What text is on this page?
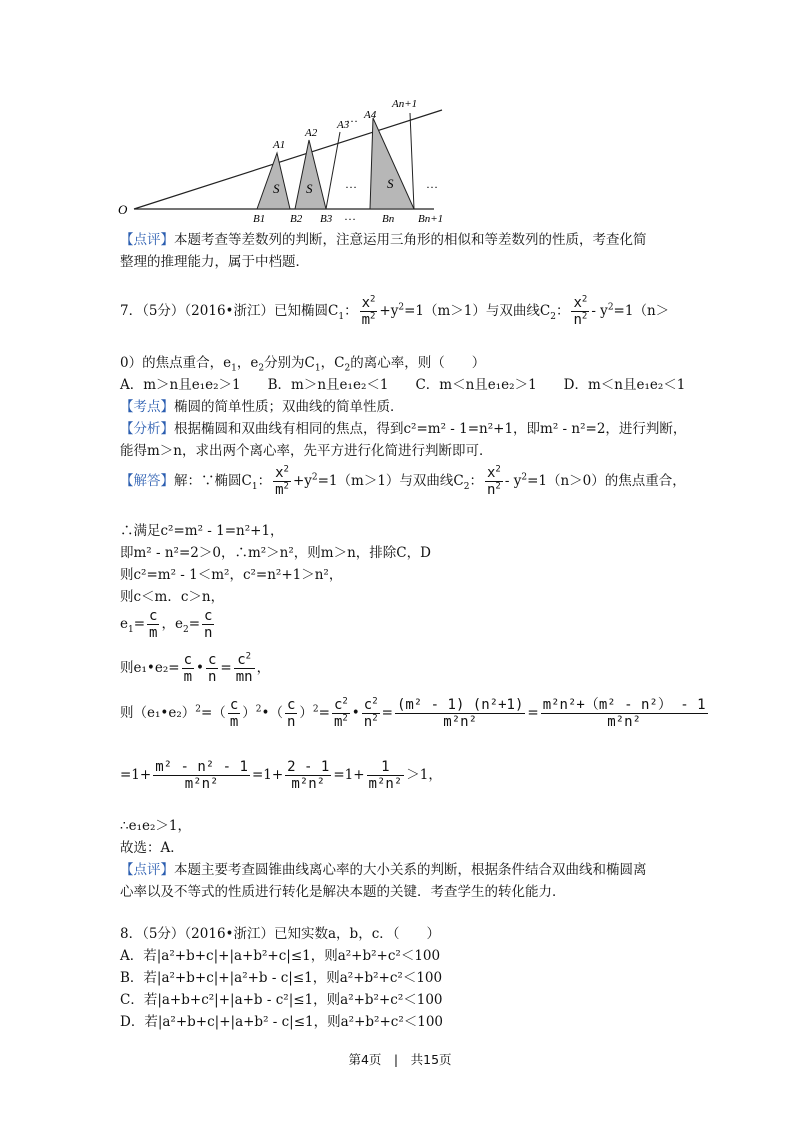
O
A1
A2
A3
A4
An+1
B1 B2 B3	Bn Bn+1
S S	S
…	…
…
…
【点评】本题考查等差数列的判断，注意运用三角形的相似和等差数列的性质，考查化简
整理的推理能力，属于中档题．
7．（5分）（2016•浙江）已知椭圆$C_1$： $\frac{x^2}{m^2} +y^2=1(m>1)$与双曲线$C_2$： $\frac{x^2}{n^2} - y^2=1(n>$
0）的焦点重合，$e_1$，$e_2$分别为$C_1$，$C_2$的离心率，则（　　）
A．m＞n且e₁e₂＞1　　B．m＞n且e₁e₂＜1　　C．m＜n且e₁e₂＞1　　D．m＜n且e₁e₂＜1
【考点】椭圆的简单性质；双曲线的简单性质．
【分析】根据椭圆和双曲线有相同的焦点，得到c²=m² - 1=n²+1，即m² - n²=2，进行判断，
能得m＞n，求出两个离心率，先平方进行化简进行判断即可．
【解答】解：∵椭圆$C_1$： $\frac{x^2}{m^2} +y^2=1(m>1)$与双曲线$C_2$： $\frac{x^2}{n^2} - y^2=1(n>0)$的焦点重合，
∴满足c²=m² - 1=n²+1，
即m² - n²=2＞0，∴m²＞n²，则m＞n，排除C，D
则c²=m² - 1＜m²，c²=n²+1＞n²，
则c＜m．c＞n，
$e_1= \frac{c}{m}$ ，$e_2= \frac{c}{n}$
则e₁•e₂= $\frac{c}{m}$ • $\frac{c}{n} = \frac{c^2}{mn}$ ，
则（e₁•e₂）$^2$=（ $\frac{c}{m}$ ）$^2$•（ $\frac{c}{n} )^2= \frac{c^2}{m^2}$ • $\frac{c^2}{n^2} = \frac{\text{(m² - 1) (n²+1)}}{\text{m²n²}} = \frac{\text{m²n²+（m² - n²） - 1}}{\text{m²n²}}$
$=1+ \frac{\text{m² - n² - 1}}{\text{m²n²}} =1+ \frac{2 - 1}{\text{m²n²}} =1+ \frac{1}{\text{m²n²}} >1$，
∴e₁e₂＞1，
故选：A．
【点评】本题主要考查圆锥曲线离心率的大小关系的判断，根据条件结合双曲线和椭圆离
心率以及不等式的性质进行转化是解决本题的关键．考查学生的转化能力．
8．（5分）（2016•浙江）已知实数a，b，c．（　　）
A．若|a²+b+c|+|a+b²+c|≤1，则a²+b²+c²＜100
B．若|a²+b+c|+|a²+b - c|≤1，则a²+b²+c²＜100
C．若|a+b+c²|+|a+b - c²|≤1，则a²+b²+c²＜100
D．若|a²+b+c|+|a+b² - c|≤1，则a²+b²+c²＜100
第4页　|　共15页
